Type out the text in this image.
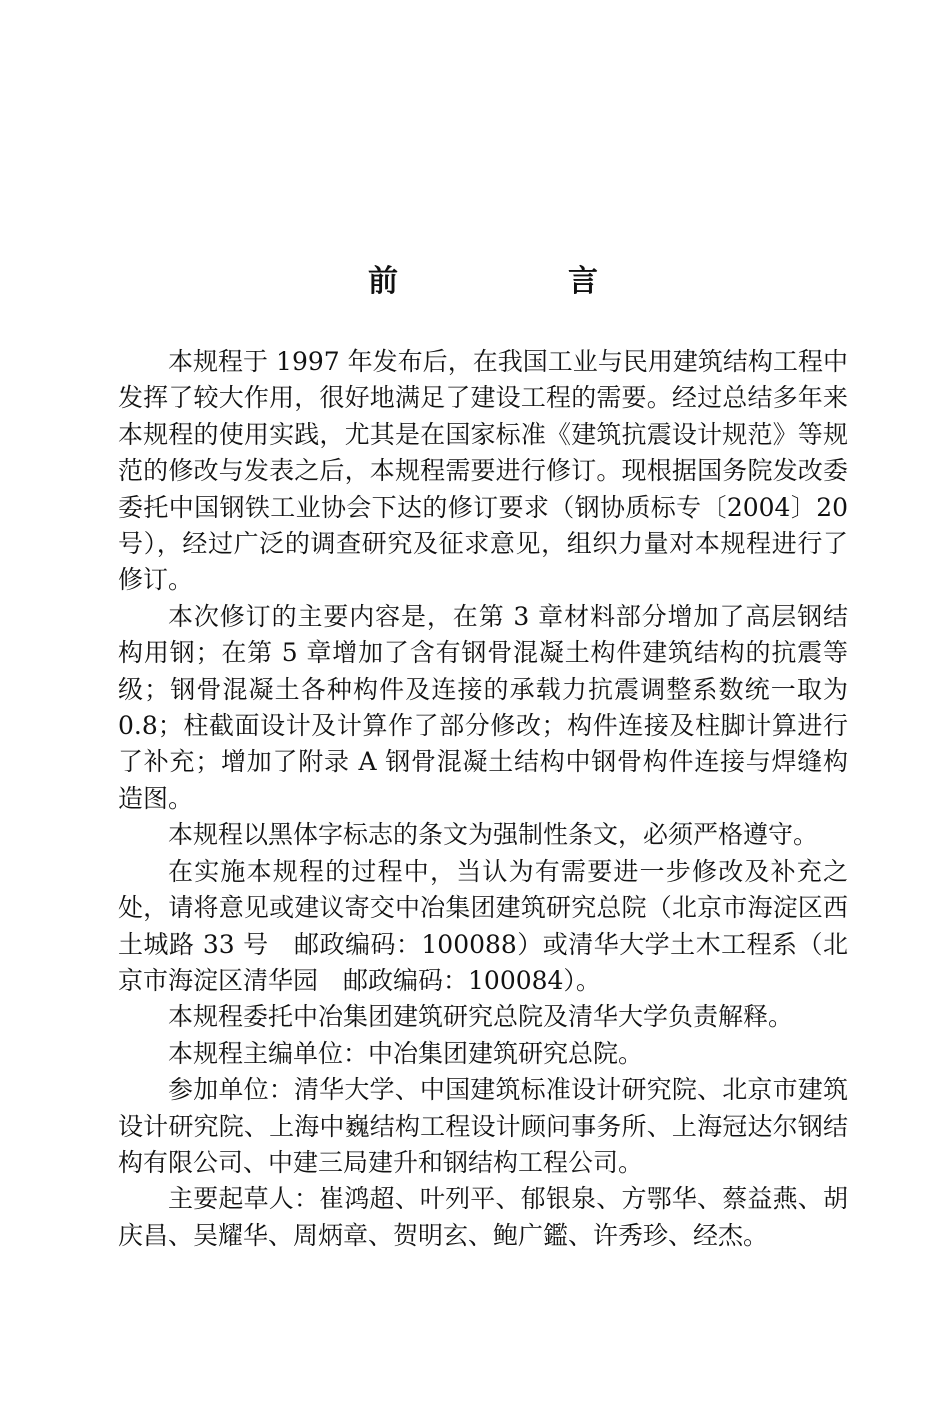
前　言

本规程于 1997 年发布后，在我国工业与民用建筑结构工程中发挥了较大作用，很好地满足了建设工程的需要。经过总结多年来本规程的使用实践，尤其是在国家标准《建筑抗震设计规范》等规范的修改与发表之后，本规程需要进行修订。现根据国务院发改委委托中国钢铁工业协会下达的修订要求（钢协质标专〔2004〕20 号），经过广泛的调查研究及征求意见，组织力量对本规程进行了修订。

本次修订的主要内容是，在第 3 章材料部分增加了高层钢结构用钢；在第 5 章增加了含有钢骨混凝土构件建筑结构的抗震等级；钢骨混凝土各种构件及连接的承载力抗震调整系数统一取为 0.8；柱截面设计及计算作了部分修改；构件连接及柱脚计算进行了补充；增加了附录 A 钢骨混凝土结构中钢骨构件连接与焊缝构造图。

本规程以黑体字标志的条文为强制性条文，必须严格遵守。

在实施本规程的过程中，当认为有需要进一步修改及补充之处，请将意见或建议寄交中冶集团建筑研究总院（北京市海淀区西土城路 33 号　邮政编码：100088）或清华大学土木工程系（北京市海淀区清华园　邮政编码：100084）。

本规程委托中冶集团建筑研究总院及清华大学负责解释。

本规程主编单位：中冶集团建筑研究总院。

参加单位：清华大学、中国建筑标准设计研究院、北京市建筑设计研究院、上海中巍结构工程设计顾问事务所、上海冠达尔钢结构有限公司、中建三局建升和钢结构工程公司。

主要起草人：崔鸿超、叶列平、郁银泉、方鄂华、蔡益燕、胡庆昌、吴耀华、周炳章、贺明玄、鲍广鑑、许秀珍、经杰。
